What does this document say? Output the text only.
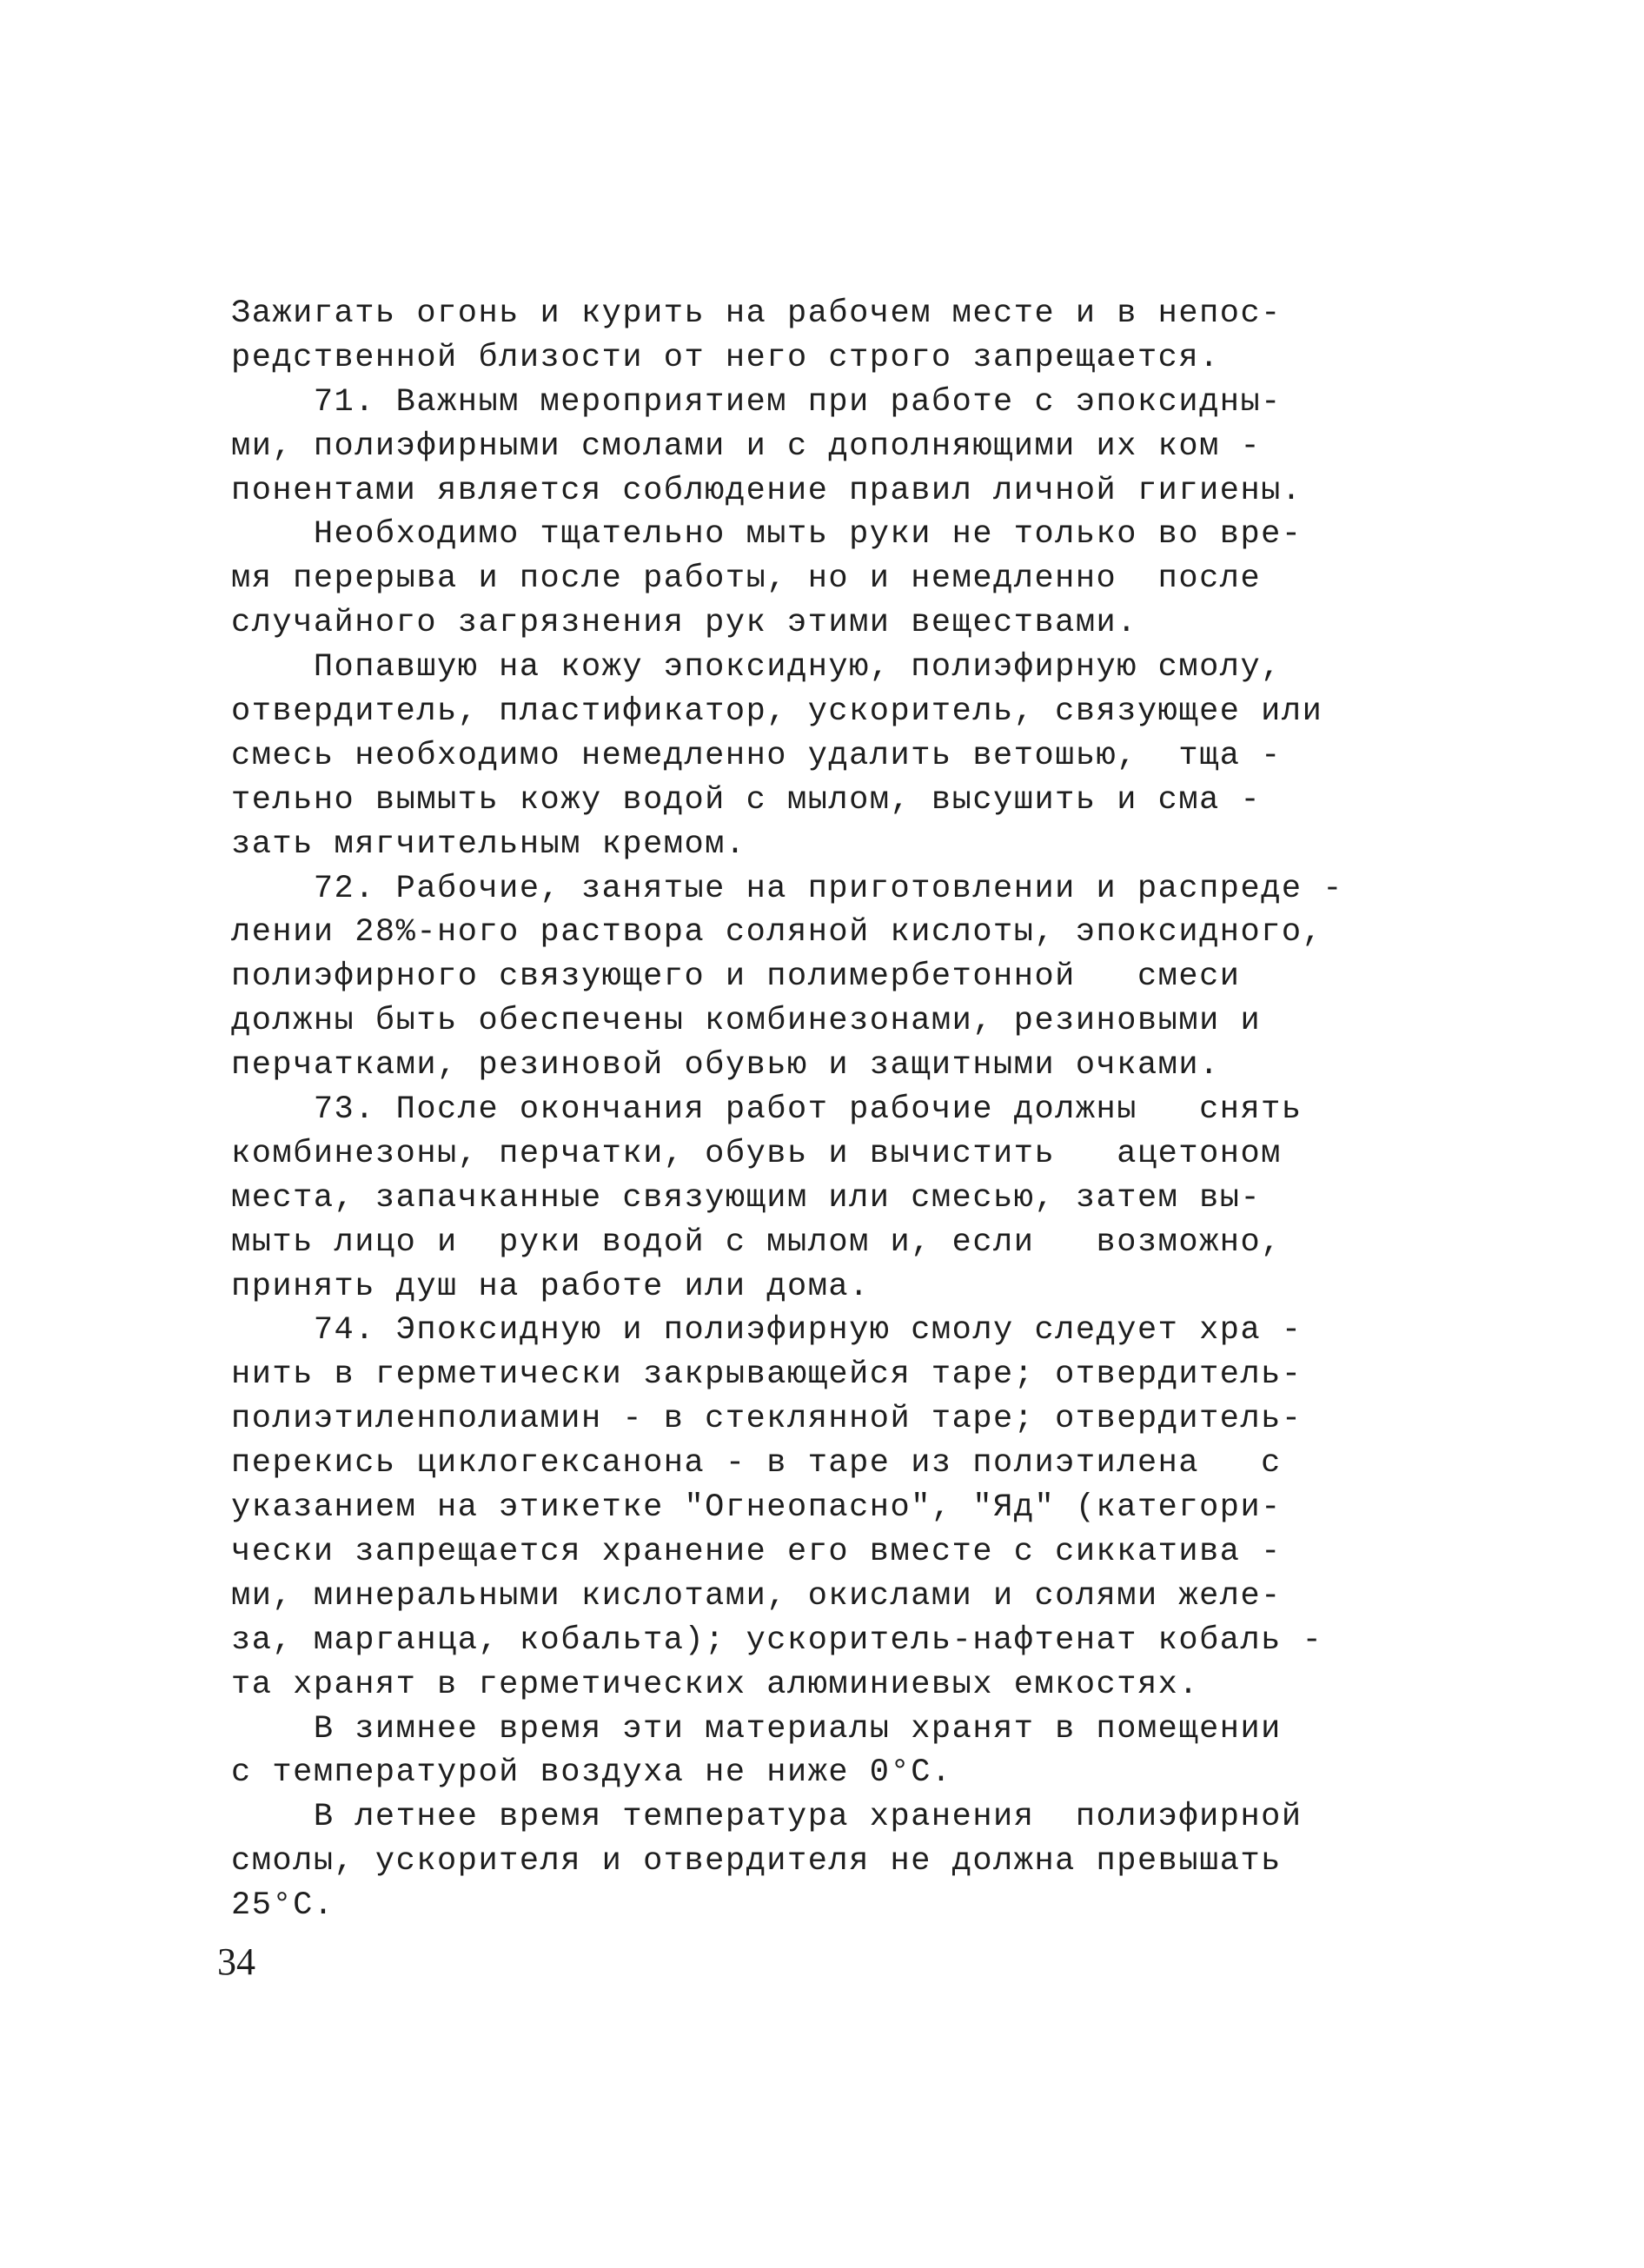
Зажигать огонь и курить на рабочем месте и в непос-
редственной близости от него строго запрещается.
71. Важным мероприятием при работе с эпоксидны-
ми, полиэфирными смолами и с дополняющими их ком -
понентами является соблюдение правил личной гигиены.
Необходимо тщательно мыть руки не только во вре-
мя перерыва и после работы, но и немедленно  после
случайного загрязнения рук этими веществами.
Попавшую на кожу эпоксидную, полиэфирную смолу,
отвердитель, пластификатор, ускоритель, связующее или
смесь необходимо немедленно удалить ветошью,  тща -
тельно вымыть кожу водой с мылом, высушить и сма -
зать мягчительным кремом.
72. Рабочие, занятые на приготовлении и распреде -
лении 28%-ного раствора соляной кислоты, эпоксидного,
полиэфирного связующего и полимербетонной   смеси
должны быть обеспечены комбинезонами, резиновыми и
перчатками, резиновой обувью и защитными очками.
73. После окончания работ рабочие должны   снять
комбинезоны, перчатки, обувь и вычистить   ацетоном
места, запачканные связующим или смесью, затем вы-
мыть лицо и  руки водой с мылом и, если   возможно,
принять душ на работе или дома.
74. Эпоксидную и полиэфирную смолу следует хра -
нить в герметически закрывающейся таре; отвердитель-
полиэтиленполиамин - в стеклянной таре; отвердитель-
перекись циклогексанона - в таре из полиэтилена   с
указанием на этикетке "Огнеопасно", "Яд" (категори-
чески запрещается хранение его вместе с сиккатива -
ми, минеральными кислотами, окислами и солями желе-
за, марганца, кобальта); ускоритель-нафтенат кобаль -
та хранят в герметических алюминиевых емкостях.
В зимнее время эти материалы хранят в помещении
с температурой воздуха не ниже 0°С.
В летнее время температура хранения  полиэфирной
смолы, ускорителя и отвердителя не должна превышать
25°С.
34
